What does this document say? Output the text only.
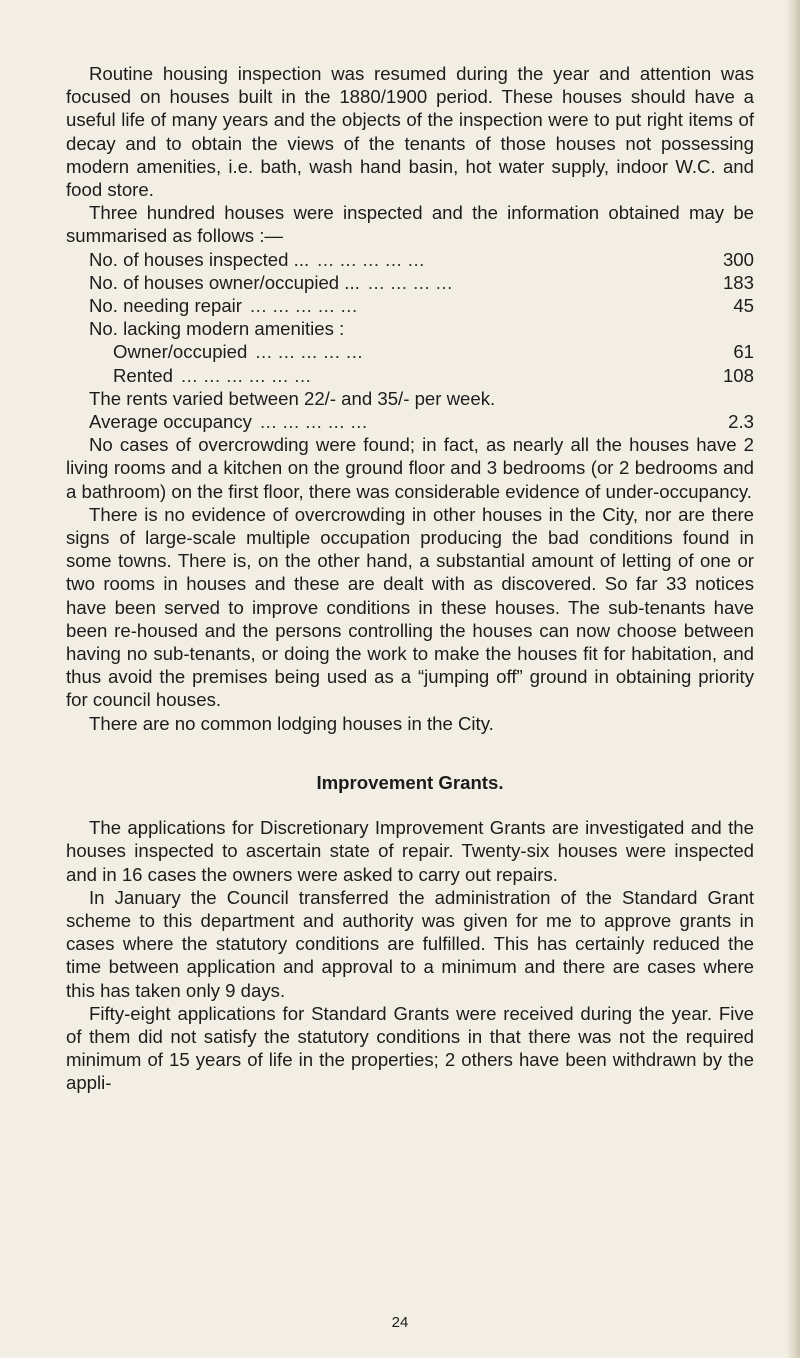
Routine housing inspection was resumed during the year and attention was focused on houses built in the 1880/1900 period. These houses should have a useful life of many years and the objects of the inspection were to put right items of decay and to obtain the views of the tenants of those houses not possessing modern amenities, i.e. bath, wash hand basin, hot water supply, indoor W.C. and food store.

Three hundred houses were inspected and the information obtained may be summarised as follows :—

No. of houses inspected ... ... ... ... ... ...	300
No. of houses owner/occupied ... ... ... ... ...	183
No. needing repair ... ... ... ... ...	45
No. lacking modern amenities :
Owner/occupied ... ... ... ... ...	61
Rented ... ... ... ... ... ...	108
The rents varied between 22/- and 35/- per week.
Average occupancy ... ... ... ... ...	2.3

No cases of overcrowding were found; in fact, as nearly all the houses have 2 living rooms and a kitchen on the ground floor and 3 bedrooms (or 2 bedrooms and a bathroom) on the first floor, there was considerable evidence of under-occupancy.

There is no evidence of overcrowding in other houses in the City, nor are there signs of large-scale multiple occupation producing the bad conditions found in some towns. There is, on the other hand, a substantial amount of letting of one or two rooms in houses and these are dealt with as discovered. So far 33 notices have been served to improve conditions in these houses. The sub-tenants have been re-housed and the persons controlling the houses can now choose between having no sub-tenants, or doing the work to make the houses fit for habitation, and thus avoid the premises being used as a “jumping off” ground in obtaining priority for council houses.

There are no common lodging houses in the City.

Improvement Grants.

The applications for Discretionary Improvement Grants are investigated and the houses inspected to ascertain state of repair. Twenty-six houses were inspected and in 16 cases the owners were asked to carry out repairs.

In January the Council transferred the administration of the Standard Grant scheme to this department and authority was given for me to approve grants in cases where the statutory conditions are fulfilled. This has certainly reduced the time between application and approval to a minimum and there are cases where this has taken only 9 days.

Fifty-eight applications for Standard Grants were received during the year. Five of them did not satisfy the statutory conditions in that there was not the required minimum of 15 years of life in the properties; 2 others have been withdrawn by the appli-

24
